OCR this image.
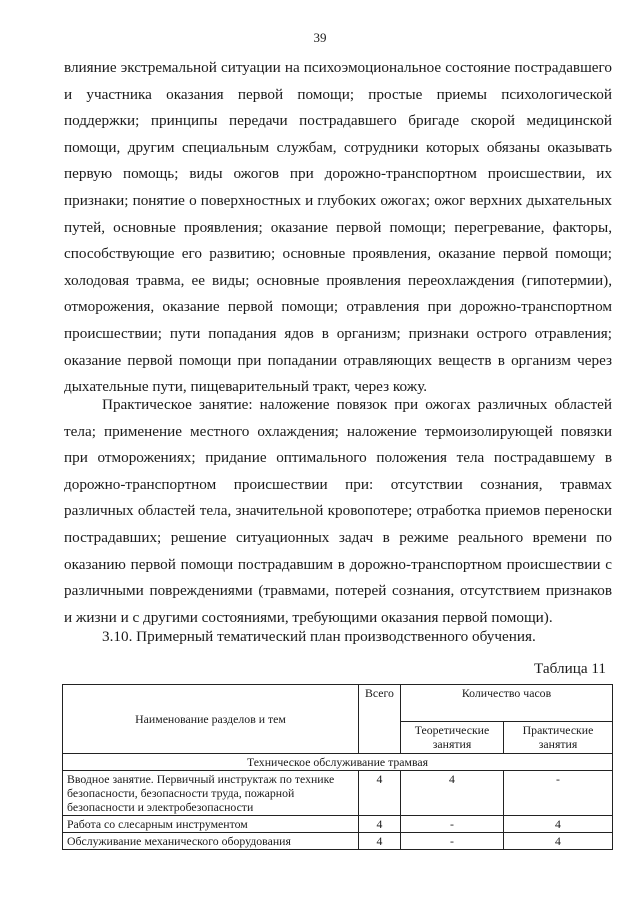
39

влияние экстремальной ситуации на психоэмоциональное состояние пострадавшего и участника оказания первой помощи; простые приемы психологической поддержки; принципы передачи пострадавшего бригаде скорой медицинской помощи, другим специальным службам, сотрудники которых обязаны оказывать первую помощь; виды ожогов при дорожно-транспортном происшествии, их признаки; понятие о поверхностных и глубоких ожогах; ожог верхних дыхательных путей, основные проявления; оказание первой помощи; перегревание, факторы, способствующие его развитию; основные проявления, оказание первой помощи; холодовая травма, ее виды; основные проявления переохлаждения (гипотермии), отморожения, оказание первой помощи; отравления при дорожно-транспортном происшествии; пути попадания ядов в организм; признаки острого отравления; оказание первой помощи при попадании отравляющих веществ в организм через дыхательные пути, пищеварительный тракт, через кожу.

Практическое занятие: наложение повязок при ожогах различных областей тела; применение местного охлаждения; наложение термоизолирующей повязки при отморожениях; придание оптимального положения тела пострадавшему в дорожно-транспортном происшествии при: отсутствии сознания, травмах различных областей тела, значительной кровопотере; отработка приемов переноски пострадавших; решение ситуационных задач в режиме реального времени по оказанию первой помощи пострадавшим в дорожно-транспортном происшествии с различными повреждениями (травмами, потерей сознания, отсутствием признаков и жизни и с другими состояниями, требующими оказания первой помощи).

3.10. Примерный тематический план производственного обучения.
Таблица 11
Наименование разделов и тем	Всего	Количество часов	
		Теоретические занятия	Практические занятия
Техническое обслуживание трамвая			
Вводное занятие. Первичный инструктаж по технике безопасности, безопасности труда, пожарной безопасности и электробезопасности	4	4	-
Работа со слесарным инструментом	4	-	4
Обслуживание механического оборудования	4	-	4
